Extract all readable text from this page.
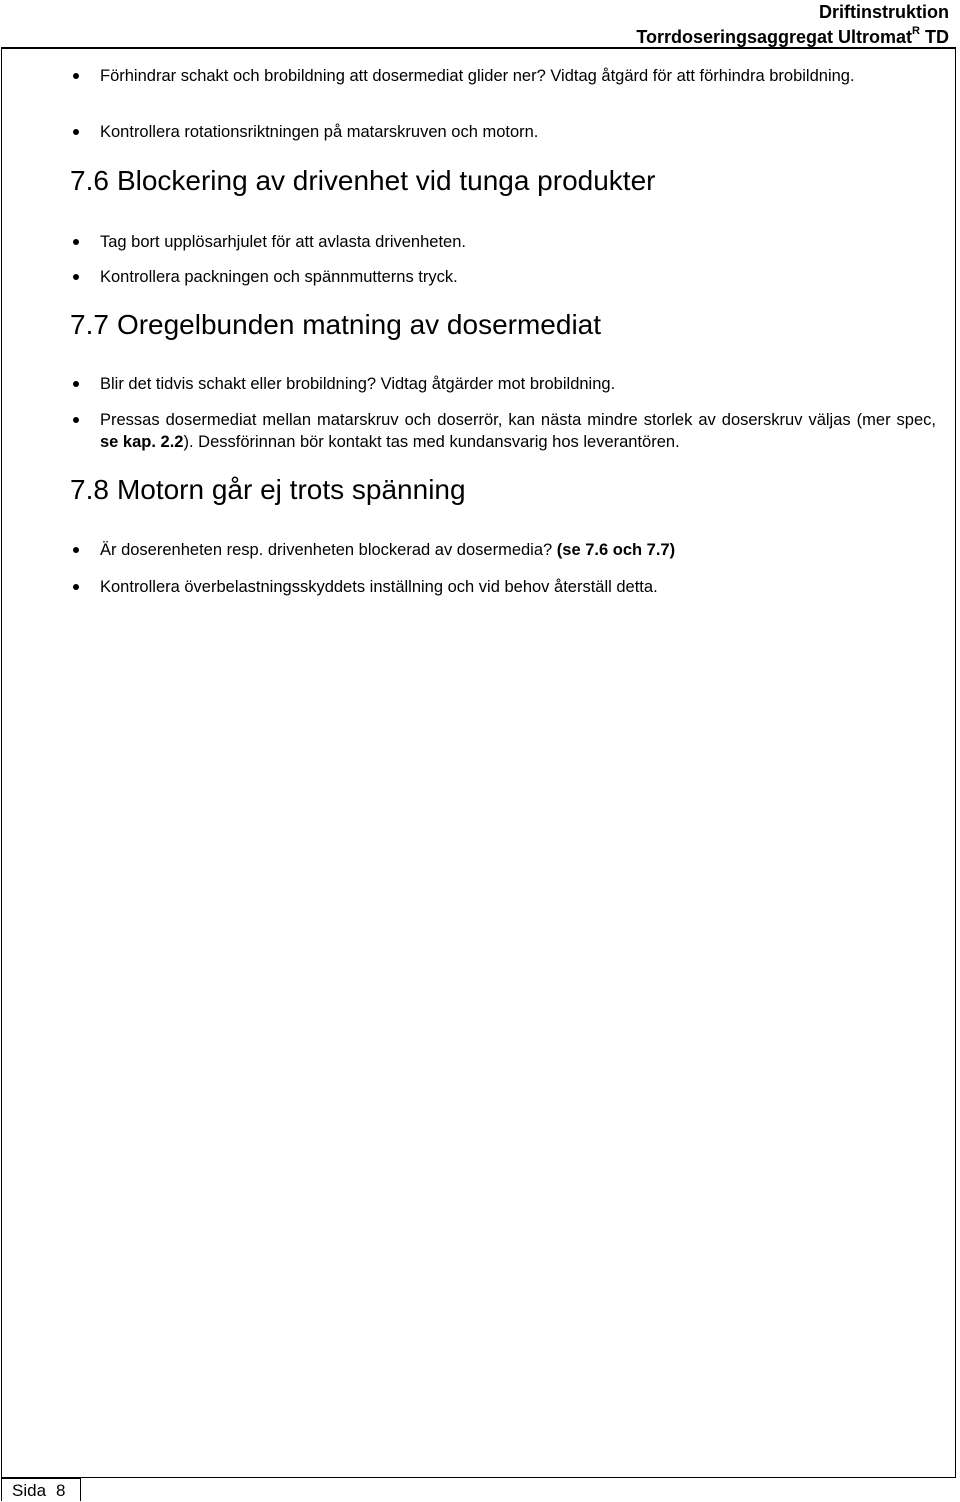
Driftinstruktion
Torrdoseringsaggregat Ultromat$^R$ TD
Förhindrar schakt och brobildning att dosermediat glider ner? Vidtag åtgärd för att förhindra brobildning.
Kontrollera rotationsriktningen på matarskruven och motorn.
7.6 Blockering av drivenhet vid tunga produkter
Tag bort upplösarhjulet för att avlasta drivenheten.
Kontrollera packningen och spännmutterns tryck.
7.7 Oregelbunden matning av dosermediat
Blir det tidvis schakt eller brobildning? Vidtag åtgärder mot brobildning.
Pressas dosermediat mellan matarskruv och doserrör, kan nästa mindre storlek av doserskruv väljas (mer spec, se kap. 2.2). Dessförinnan bör kontakt tas med kundansvarig hos leverantören.
7.8 Motorn går ej trots spänning
Är doserenheten resp. drivenheten blockerad av dosermedia? (se 7.6 och 7.7)
Kontrollera överbelastningsskyddets inställning och vid behov återställ detta.
Sida 8
